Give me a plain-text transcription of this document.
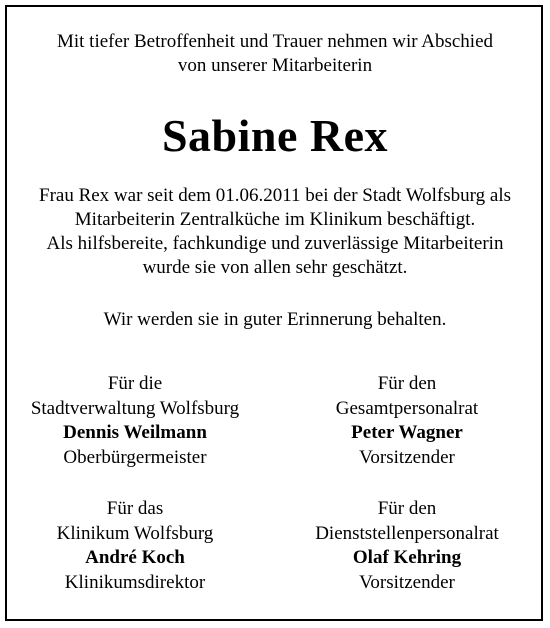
Mit tiefer Betroffenheit und Trauer nehmen wir Abschied
von unserer Mitarbeiterin
Sabine Rex
Frau Rex war seit dem 01.06.2011 bei der Stadt Wolfsburg als
Mitarbeiterin Zentralküche im Klinikum beschäftigt.
Als hilfsbereite, fachkundige und zuverlässige Mitarbeiterin
wurde sie von allen sehr geschätzt.
Wir werden sie in guter Erinnerung behalten.
Für die
Stadtverwaltung Wolfsburg
Dennis Weilmann
Oberbürgermeister
Für den
Gesamtpersonalrat
Peter Wagner
Vorsitzender
Für das
Klinikum Wolfsburg
André Koch
Klinikumsdirektor
Für den
Dienststellenpersonalrat
Olaf Kehring
Vorsitzender
